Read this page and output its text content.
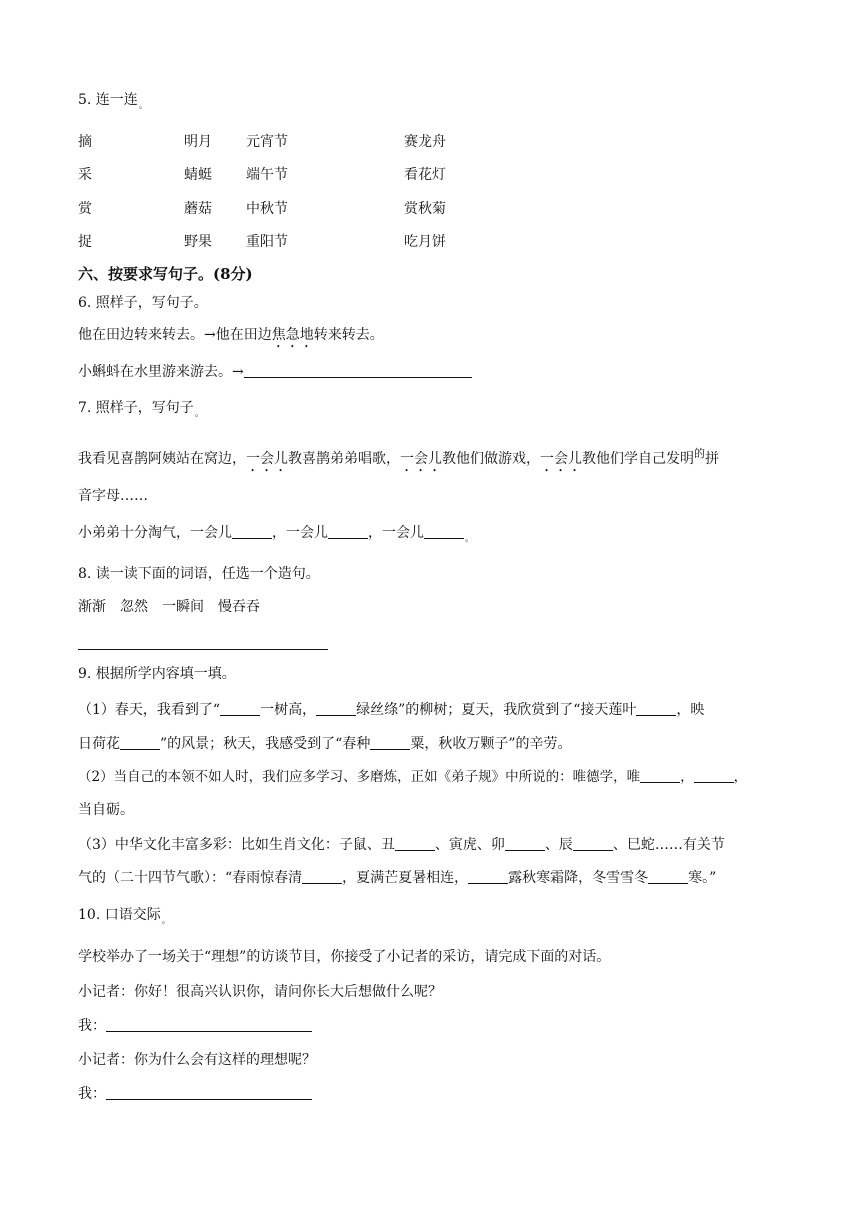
5. 连一连$_。$
摘	明月 元宵节	赛龙舟
采	蜻蜓 端午节	看花灯
赏	蘑菇 中秋节	赏秋菊
捉	野果 重阳节	吃月饼
六、按要求写句子。(8分)
6. 照样子，写句子。
他在田边转来转去。→他在田边焦急地转来转去。
小蝌蚪在水里游来游去。→
7. 照样子，写句子$_。$
我看见喜鹊阿姨站在窝边，一会儿教喜鹊弟弟唱歌，一会儿教他们做游戏，一会儿教他们学自己发明$^的$拼
音字母……
小弟弟十分淘气，一会儿	，一会儿	，一会儿	$_。$
8. 读一读下面的词语，任选一个造句。
渐渐　忽然　一瞬间　慢吞吞
9. 根据所学内容填一填。
（1）春天，我看到了“	一树高，	绿丝绦”的柳树；夏天，我欣赏到了“接天莲叶	，映
日荷花	”的风景；秋天，我感受到了“春种	粟，秋收万颗子”的辛劳。
（2）当自己的本领不如人时，我们应多学习、多磨炼，正如《弟子规》中所说的：唯德学，唯	，	，
当自砺。
（3）中华文化丰富多彩：比如生肖文化：子鼠、丑	、寅虎、卯	、辰	、巳蛇……有关节
气的（二十四节气歌）：“春雨惊春清	，夏满芒夏暑相连，	露秋寒霜降，冬雪雪冬	寒。”
10. 口语交际$_。$
学校举办了一场关于“理想”的访谈节目，你接受了小记者的采访，请完成下面的对话。
小记者：你好！很高兴认识你，请问你长大后想做什么呢？
我：
小记者：你为什么会有这样的理想呢？
我：
